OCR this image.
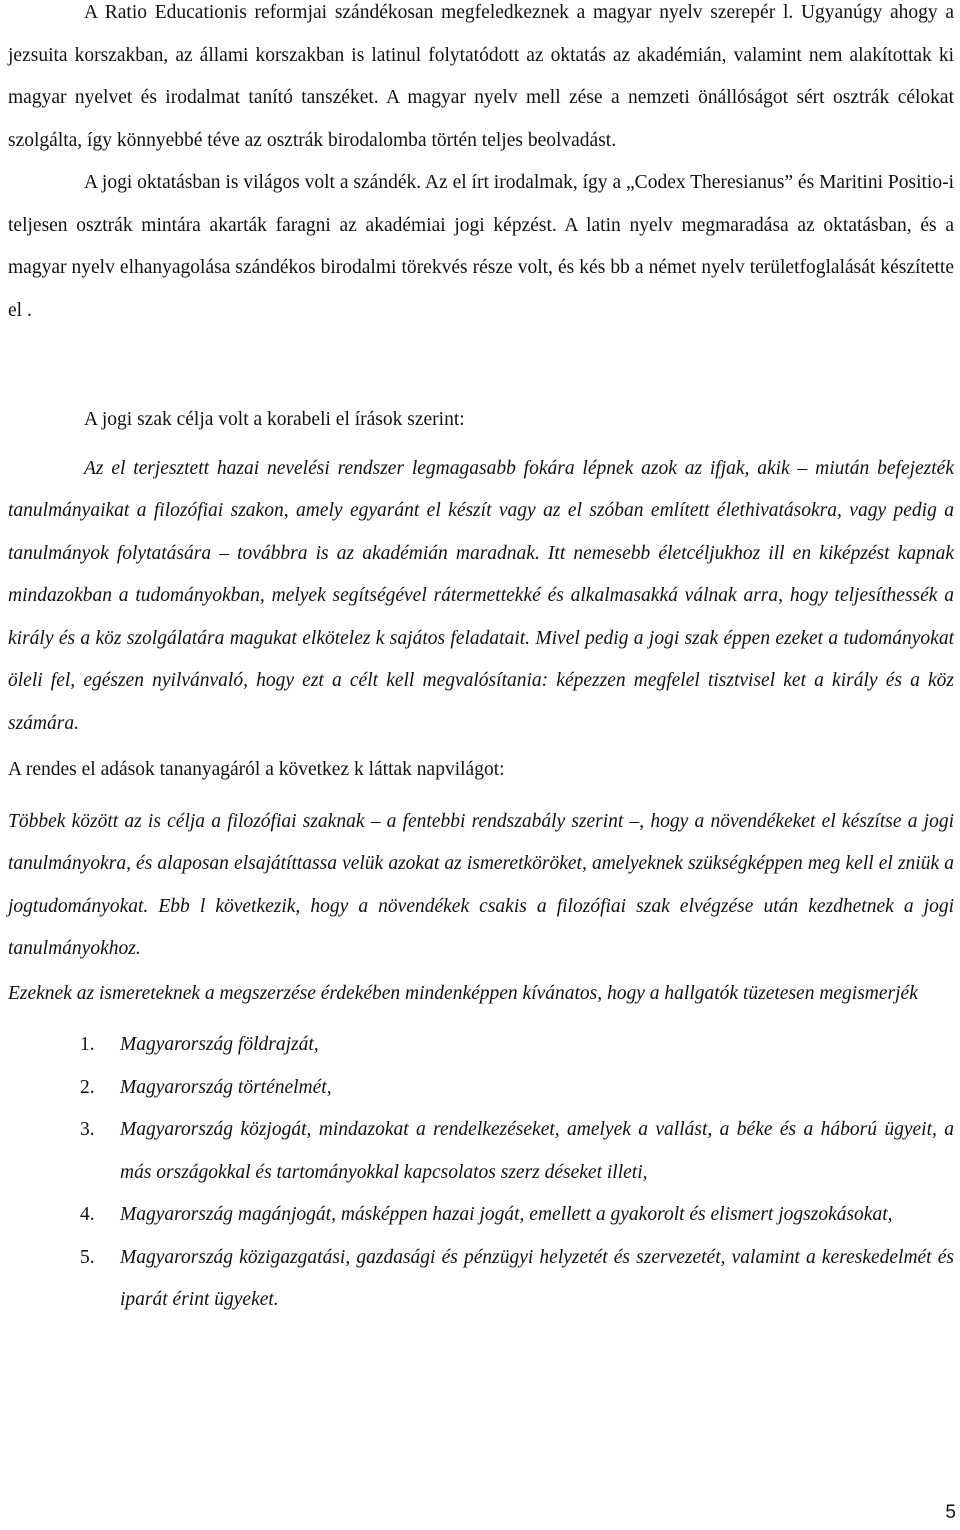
A Ratio Educationis reformjai szándékosan megfeledkeznek a magyar nyelv szerepér l. Ugyanúgy ahogy a jezsuita korszakban, az állami korszakban is latinul folytatódott az oktatás az akadémián, valamint nem alakítottak ki magyar nyelvet és irodalmat tanító tanszéket. A magyar nyelv mell zése a nemzeti önállóságot sért osztrák célokat szolgálta, így könnyebbé téve az osztrák birodalomba történ teljes beolvadást.

A jogi oktatásban is világos volt a szándék. Az el írt irodalmak, így a „Codex Theresianus” és Maritini Positio-i teljesen osztrák mintára akarták faragni az akadémiai jogi képzést. A latin nyelv megmaradása az oktatásban, és a magyar nyelv elhanyagolása szándékos birodalmi törekvés része volt, és kés bb a német nyelv területfoglalását készítette el .

A jogi szak célja volt a korabeli el írások szerint:

Az el terjesztett hazai nevelési rendszer legmagasabb fokára lépnek azok az ifjak, akik – miután befejezték tanulmányaikat a filozófiai szakon, amely egyaránt el készít vagy az el szóban említett élethivatásokra, vagy pedig a tanulmányok folytatására – továbbra is az akadémián maradnak. Itt nemesebb életcéljukhoz ill en kiképzést kapnak mindazokban a tudományokban, melyek segítségével rátermettekké és alkalmasakká válnak arra, hogy teljesíthessék a király és a köz szolgálatára magukat elkötelez k sajátos feladatait. Mivel pedig a jogi szak éppen ezeket a tudományokat öleli fel, egészen nyilvánvaló, hogy ezt a célt kell megvalósítania: képezzen megfelel tisztvisel ket a király és a köz számára.

A rendes el adások tananyagáról a következ k láttak napvilágot:

Többek között az is célja a filozófiai szaknak – a fentebbi rendszabály szerint –, hogy a növendékeket el készítse a jogi tanulmányokra, és alaposan elsajátíttassa velük azokat az ismeretköröket, amelyeknek szükségképpen meg kell el zniük a jogtudományokat. Ebb l következik, hogy a növendékek csakis a filozófiai szak elvégzése után kezdhetnek a jogi tanulmányokhoz.

Ezeknek az ismereteknek a megszerzése érdekében mindenképpen kívánatos, hogy a hallgatók tüzetesen megismerjék

1. Magyarország földrajzát,
2. Magyarország történelmét,
3. Magyarország közjogát, mindazokat a rendelkezéseket, amelyek a vallást, a béke és a háború ügyeit, a más országokkal és tartományokkal kapcsolatos szerz déseket illeti,
4. Magyarország magánjogát, másképpen hazai jogát, emellett a gyakorolt és elismert jogszokásokat,
5. Magyarország közigazgatási, gazdasági és pénzügyi helyzetét és szervezetét, valamint a kereskedelmét és iparát érint ügyeket.
5
